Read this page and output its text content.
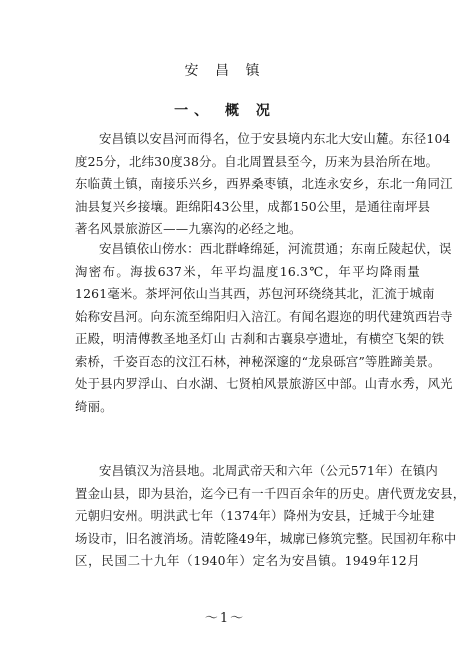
安 昌 镇
一、 概 况
安昌镇以安昌河而得名，位于安县境内东北大安山麓。东径104
度25分，北纬30度38分。自北周置县至今，历来为县治所在地。
东临黄土镇，南接乐兴乡，西界桑枣镇，北连永安乡，东北一角同江
油县复兴乡接壤。距绵阳43公里，成都150公里，是通往南坪县
著名风景旅游区——九寨沟的必经之地。
安昌镇依山傍水：西北群峰绵延，河流贯通；东南丘陵起伏，误
淘密布。海拔637米，年平均温度16.3℃，年平均降雨量
1261毫米。茶坪河依山当其西，苏包河环绕绕其北，汇流于城南
始称安昌河。向东流至绵阳归入涪江。有闻名遐迩的明代建筑西岩寺
正殿，明清傅教圣地圣灯山 古刹和古襄泉亭遗址，有横空飞架的铁
索桥，千姿百态的汶江石林，神秘深邃的“龙泉砾宫”等胜蹄美景。
处于县内罗浮山、白水湖、七贤柏风景旅游区中部。山青水秀，风光
绮丽。
安昌镇汉为涪县地。北周武帝天和六年（公元571年）在镇内
置金山县，即为县治，迄今已有一千四百余年的历史。唐代贾龙安县，
元朝归安州。明洪武七年（1374年）降州为安县，迁城于今址建
场设市，旧名渡消场。清乾隆49年，城廓已修筑完整。民国初年称中
区，民国二十九年（1940年）定名为安昌镇。1949年12月
～1～
